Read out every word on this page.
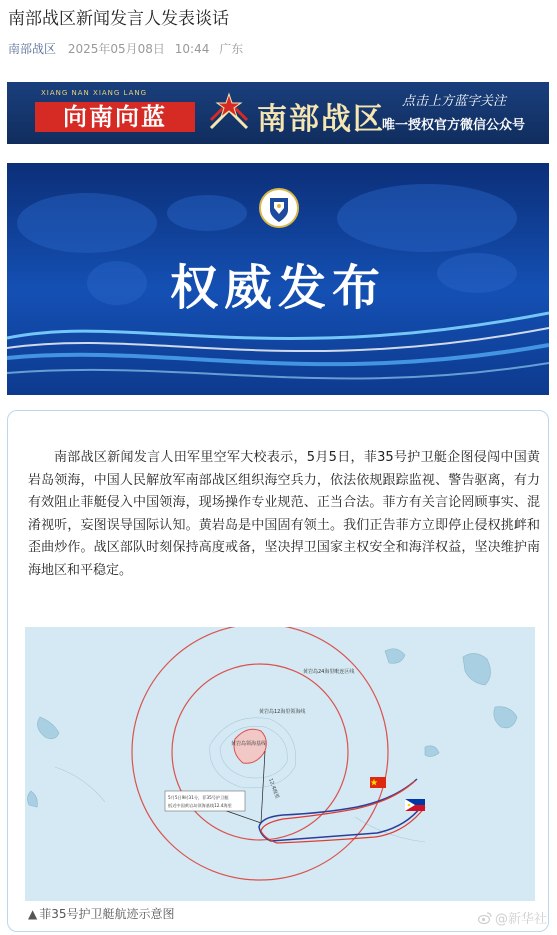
南部战区新闻发言人发表谈话
南部战区 2025年05月08日 10:44 广东
XIANG NAN XIANG LANG
向南向蓝	南部战区
点击上方蓝字关注
唯一授权官方微信公众号
权威发布

南部战区新闻发言人田军里空军大校表示，5月5日，菲35号护卫艇企图侵闯中国黄岩岛领海，中国人民解放军南部战区组织海空兵力，依法依规跟踪监视、警告驱离，有力有效阻止菲艇侵入中国领海，现场操作专业规范、正当合法。菲方有关言论罔顾事实、混淆视听，妄图误导国际认知。黄岩岛是中国固有领土。我们正告菲方立即停止侵权挑衅和歪曲炒作。战区部队时刻保持高度戒备，坚决捍卫国家主权安全和海洋权益，坚决维护南海地区和平稳定。

黄岩岛24海里毗连区线
黄岩岛12海里领海线
黄岩岛领海基线
12.4海里
5月5日9时31分，菲35号护卫艇
抵近中国黄岩岛领海基线12.4海里
▲ 菲35号护卫艇航迹示意图	@新华社
